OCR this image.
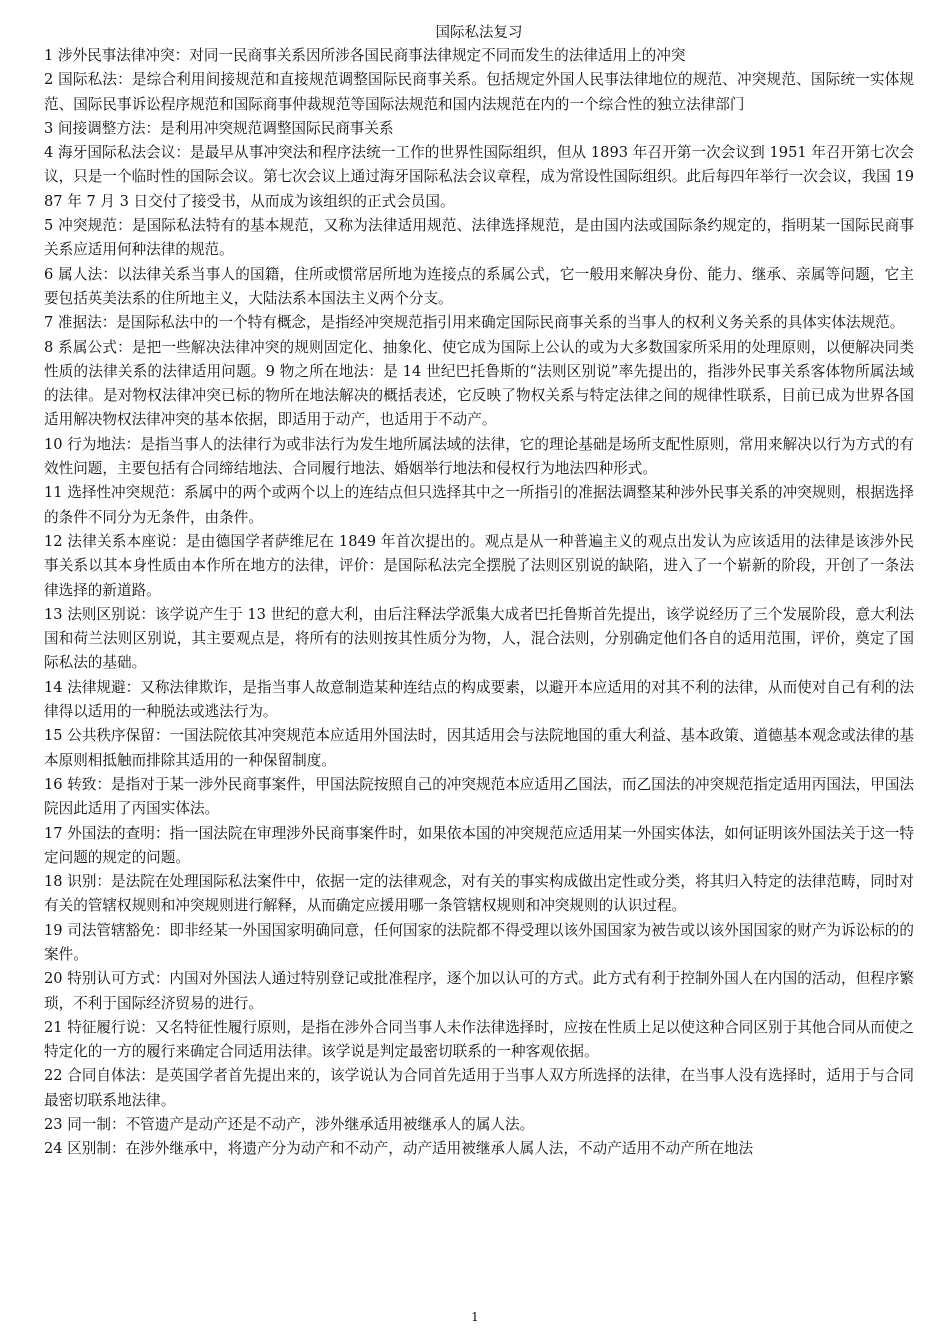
国际私法复习

1 涉外民事法律冲突：对同一民商事关系因所涉各国民商事法律规定不同而发生的法律适用上的冲突

2 国际私法：是综合利用间接规范和直接规范调整国际民商事关系。包括规定外国人民事法律地位的规范、冲突规范、国际统一实体规范、国际民事诉讼程序规范和国际商事仲裁规范等国际法规范和国内法规范在内的一个综合性的独立法律部门

3 间接调整方法：是利用冲突规范调整国际民商事关系

4 海牙国际私法会议：是最早从事冲突法和程序法统一工作的世界性国际组织，但从 1893 年召开第一次会议到 1951 年召开第七次会议，只是一个临时性的国际会议。第七次会议上通过海牙国际私法会议章程，成为常设性国际组织。此后每四年举行一次会议，我国 1987 年 7 月 3 日交付了接受书，从而成为该组织的正式会员国。

5 冲突规范：是国际私法特有的基本规范，又称为法律适用规范、法律选择规范，是由国内法或国际条约规定的，指明某一国际民商事关系应适用何种法律的规范。

6 属人法：以法律关系当事人的国籍，住所或惯常居所地为连接点的系属公式，它一般用来解决身份、能力、继承、亲属等问题，它主要包括英美法系的住所地主义，大陆法系本国法主义两个分支。

7 准据法：是国际私法中的一个特有概念，是指经冲突规范指引用来确定国际民商事关系的当事人的权利义务关系的具体实体法规范。

8 系属公式：是把一些解决法律冲突的规则固定化、抽象化、使它成为国际上公认的或为大多数国家所采用的处理原则，以便解决同类性质的法律关系的法律适用问题。9 物之所在地法：是 14 世纪巴托鲁斯的“法则区别说”率先提出的，指涉外民事关系客体物所属法域的法律。是对物权法律冲突已标的物所在地法解决的概括表述，它反映了物权关系与特定法律之间的规律性联系，目前已成为世界各国适用解决物权法律冲突的基本依据，即适用于动产，也适用于不动产。

10 行为地法：是指当事人的法律行为或非法行为发生地所属法域的法律，它的理论基础是场所支配性原则，常用来解决以行为方式的有效性问题，主要包括有合同缔结地法、合同履行地法、婚姻举行地法和侵权行为地法四种形式。

11 选择性冲突规范：系属中的两个或两个以上的连结点但只选择其中之一所指引的准据法调整某种涉外民事关系的冲突规则，根据选择的条件不同分为无条件，由条件。

12 法律关系本座说：是由德国学者萨维尼在 1849 年首次提出的。观点是从一种普遍主义的观点出发认为应该适用的法律是该涉外民事关系以其本身性质由本作所在地方的法律，评价：是国际私法完全摆脱了法则区别说的缺陷，进入了一个崭新的阶段，开创了一条法律选择的新道路。

13 法则区别说：该学说产生于 13 世纪的意大利，由后注释法学派集大成者巴托鲁斯首先提出，该学说经历了三个发展阶段，意大利法国和荷兰法则区别说，其主要观点是，将所有的法则按其性质分为物，人，混合法则，分别确定他们各自的适用范围，评价，奠定了国际私法的基础。

14 法律规避：又称法律欺诈，是指当事人故意制造某种连结点的构成要素，以避开本应适用的对其不利的法律，从而使对自己有利的法律得以适用的一种脱法或逃法行为。

15 公共秩序保留：一国法院依其冲突规范本应适用外国法时，因其适用会与法院地国的重大利益、基本政策、道德基本观念或法律的基本原则相抵触而排除其适用的一种保留制度。

16 转致：是指对于某一涉外民商事案件，甲国法院按照自己的冲突规范本应适用乙国法，而乙国法的冲突规范指定适用丙国法，甲国法院因此适用了丙国实体法。

17 外国法的查明：指一国法院在审理涉外民商事案件时，如果依本国的冲突规范应适用某一外国实体法，如何证明该外国法关于这一特定问题的规定的问题。

18 识别：是法院在处理国际私法案件中，依据一定的法律观念，对有关的事实构成做出定性或分类，将其归入特定的法律范畴，同时对有关的管辖权规则和冲突规则进行解释，从而确定应援用哪一条管辖权规则和冲突规则的认识过程。

19 司法管辖豁免：即非经某一外国国家明确同意，任何国家的法院都不得受理以该外国国家为被告或以该外国国家的财产为诉讼标的的案件。

20 特别认可方式：内国对外国法人通过特别登记或批准程序，逐个加以认可的方式。此方式有利于控制外国人在内国的活动，但程序繁琐，不利于国际经济贸易的进行。

21 特征履行说：又名特征性履行原则，是指在涉外合同当事人未作法律选择时，应按在性质上足以使这种合同区别于其他合同从而使之特定化的一方的履行来确定合同适用法律。该学说是判定最密切联系的一种客观依据。

22 合同自体法：是英国学者首先提出来的，该学说认为合同首先适用于当事人双方所选择的法律，在当事人没有选择时，适用于与合同最密切联系地法律。

23 同一制：不管遗产是动产还是不动产，涉外继承适用被继承人的属人法。

24 区别制：在涉外继承中，将遗产分为动产和不动产，动产适用被继承人属人法，不动产适用不动产所在地法

1
